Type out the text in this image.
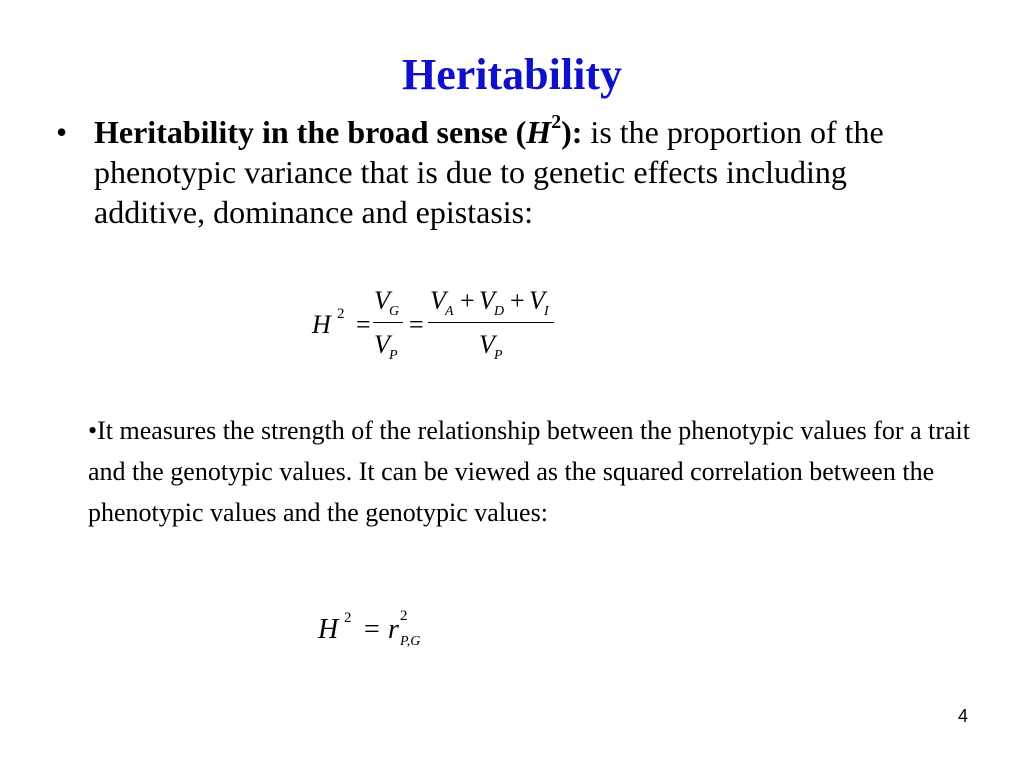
Heritability
• Heritability in the broad sense $(H^2)$: is the proportion of the phenotypic variance that is due to genetic effects including additive, dominance and epistasis:
H 2 =
V G
V P
=
V A + V D + V I
V P
•It measures the strength of the relationship between the phenotypic values for a trait and the genotypic values. It can be viewed as the squared correlation between the phenotypic values and the genotypic values:
H 2 = r 2
P,G
4
